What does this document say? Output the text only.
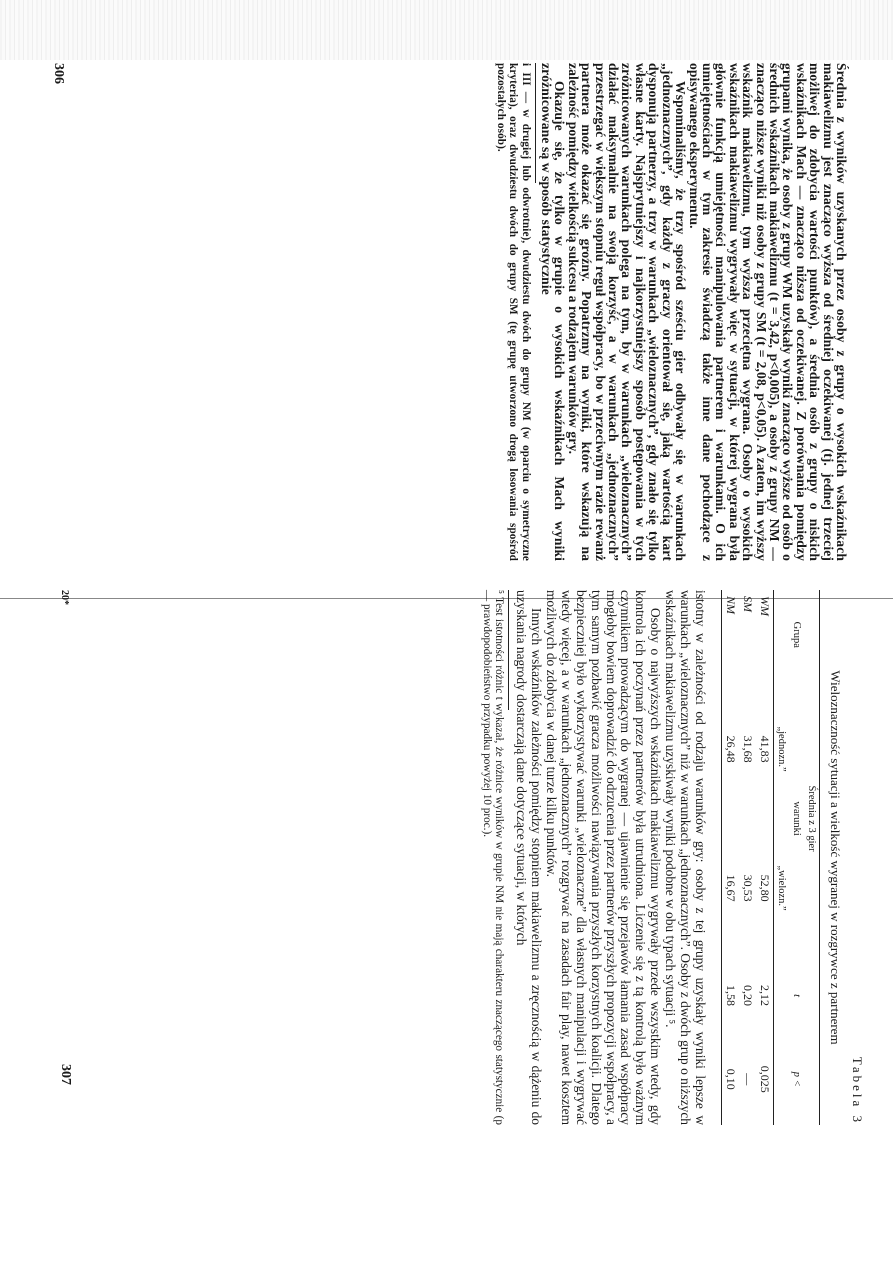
Średnia z wyników uzyskanych przez osoby z grupy o wysokich wskaźnikach makiawelizmu jest znacząco wyższa od średniej oczekiwanej (tj. jednej trzeciej możliwej do zdobycia wartości punktów), a średnia osób z grupy o niskich wskaźnikach Mach — znacząco niższa od oczekiwanej. Z porównania pomiędzy grupami wynika, że osoby z grupy WM uzyskały wyniki znacząco wyższe od osób o średnich wskaźnikach makiawelizmu (t = 3,42, p<0,005), a osoby z grupy NM — znacząco niższe wyniki niż osoby z grupy SM (t = 2,08, p<0,05). A zatem, im wyższy wskaźnik makiawelizmu, tym wyższa przeciętna wygrana. Osoby o wysokich wskaźnikach makiawelizmu wygrywały więc w sytuacji, w której wygrana była głównie funkcją umiejętności manipulowania partnerem i warunkami. O ich umiejętnościach w tym zakresie świadczą także inne dane pochodzące z opisywanego eksperymentu.

Wspominaliśmy, że trzy spośród sześciu gier odbywały się w warunkach „jednoznacznych”, gdy każdy z graczy orientował się, jaką wartością kart dysponują partnerzy, a trzy w warunkach „wieloznacznych”, gdy znało się tylko własne karty. Najsprytniejszy i najkorzystniejszy sposób postępowania w tych zróżnicowanych warunkach polega na tym, by w warunkach „wieloznacznych” działać maksymalnie na swoją korzyść, a w warunkach „jednoznacznych” przestrzegać w większym stopniu reguł współpracy, bo w przeciwnym razie rewanż partnera może okazać się groźny. Popatrzmy na wyniki, które wskazują na zależność pomiędzy wielkością sukcesu a rodzajem warunków gry.

Okazuje się, że tylko w grupie o wysokich wskaźnikach Mach wyniki zróżnicowane są w sposób statystycznie

i III — w drugiej lub odwrotnie), dwudziestu dwóch do grupy NM (w oparciu o symetryczne kryteria), oraz dwudziestu dwóch do grupy SM (tę grupę utworzono drogą losowania spośród pozostałych osób).

306
Tabela 3
Wieloznaczność sytuacji a wielkość wygranej w rozgrywce z partnerem
Grupa	Średnia z 3 gier		t	p <
	warunki			
	„jednozn.”	„wielozn.”		
WM	41,83	52,80	2,12	0,025
SM	31,68	30,53	0,20	—
NM	26,48	16,67	1,58	0,10

istotny w zależności od rodzaju warunków gry: osoby z tej grupy uzyskały wyniki lepsze w warunkach „wieloznacznych” niż w warunkach „jednoznacznych”. Osoby z dwóch grup o niższych wskaźnikach makiawelizmu uzyskiwały wyniki podobne w obu typach sytuacji ⁵.

Osoby o najwyższych wskaźnikach makiawelizmu wygrywały przede wszystkim wtedy, gdy kontrola ich poczynań przez partnerów była utrudniona. Liczenie się z tą kontrolą było ważnym czynnikiem prowadzącym do wygranej — ujawnienie się przejawów łamania zasad współpracy mogłoby bowiem doprowadzić do odrzucenia przez partnerów przyszłych propozycji współpracy, a tym samym pozbawić gracza możliwości nawiązywania przyszłych korzystnych koalicji. Dlatego bezpieczniej było wykorzystywać warunki „wieloznaczne” dla własnych manipulacji i wygrywać wtedy więcej, a w warunkach „jednoznacznych” rozgrywać na zasadach fair play, nawet kosztem możliwych do zdobycia w danej turze kilku punktów.

Innych wskaźników zależności pomiędzy stopniem makiawelizmu a zręcznością w dążeniu do uzyskania nagrody dostarczają dane dotyczące sytuacji, w których

⁵ Test istotności różnic t wykazał, że różnice wyników w grupie NM nie mają charakteru znaczącego statystycznie (p — prawdopodobieństwo przypadku powyżej 10 proc.).

20*
307
